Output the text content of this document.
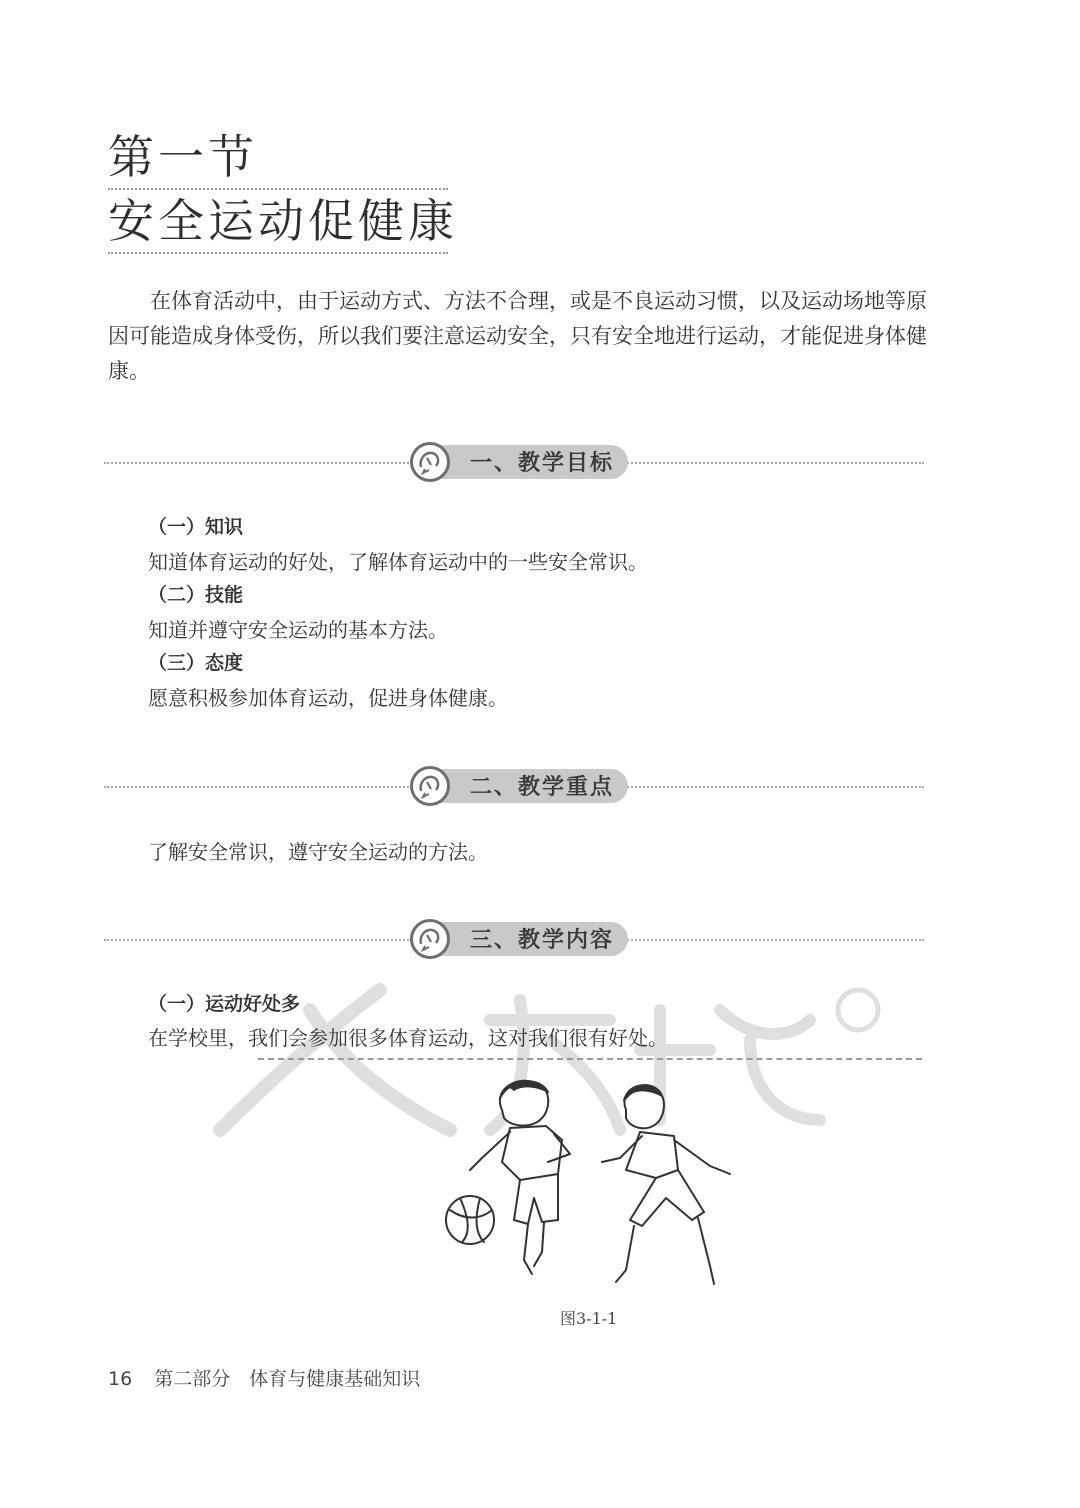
第一节
安全运动促健康

在体育活动中，由于运动方式、方法不合理，或是不良运动习惯，以及运动场地等原因可能造成身体受伤，所以我们要注意运动安全，只有安全地进行运动，才能促进身体健康。

一、教学目标
（一）知识
知道体育运动的好处，了解体育运动中的一些安全常识。
（二）技能
知道并遵守安全运动的基本方法。
（三）态度
愿意积极参加体育运动，促进身体健康。
二、教学重点
了解安全常识，遵守安全运动的方法。
三、教学内容
（一）运动好处多
在学校里，我们会参加很多体育运动，这对我们很有好处。
图3-1-1
16 第二部分　体育与健康基础知识
